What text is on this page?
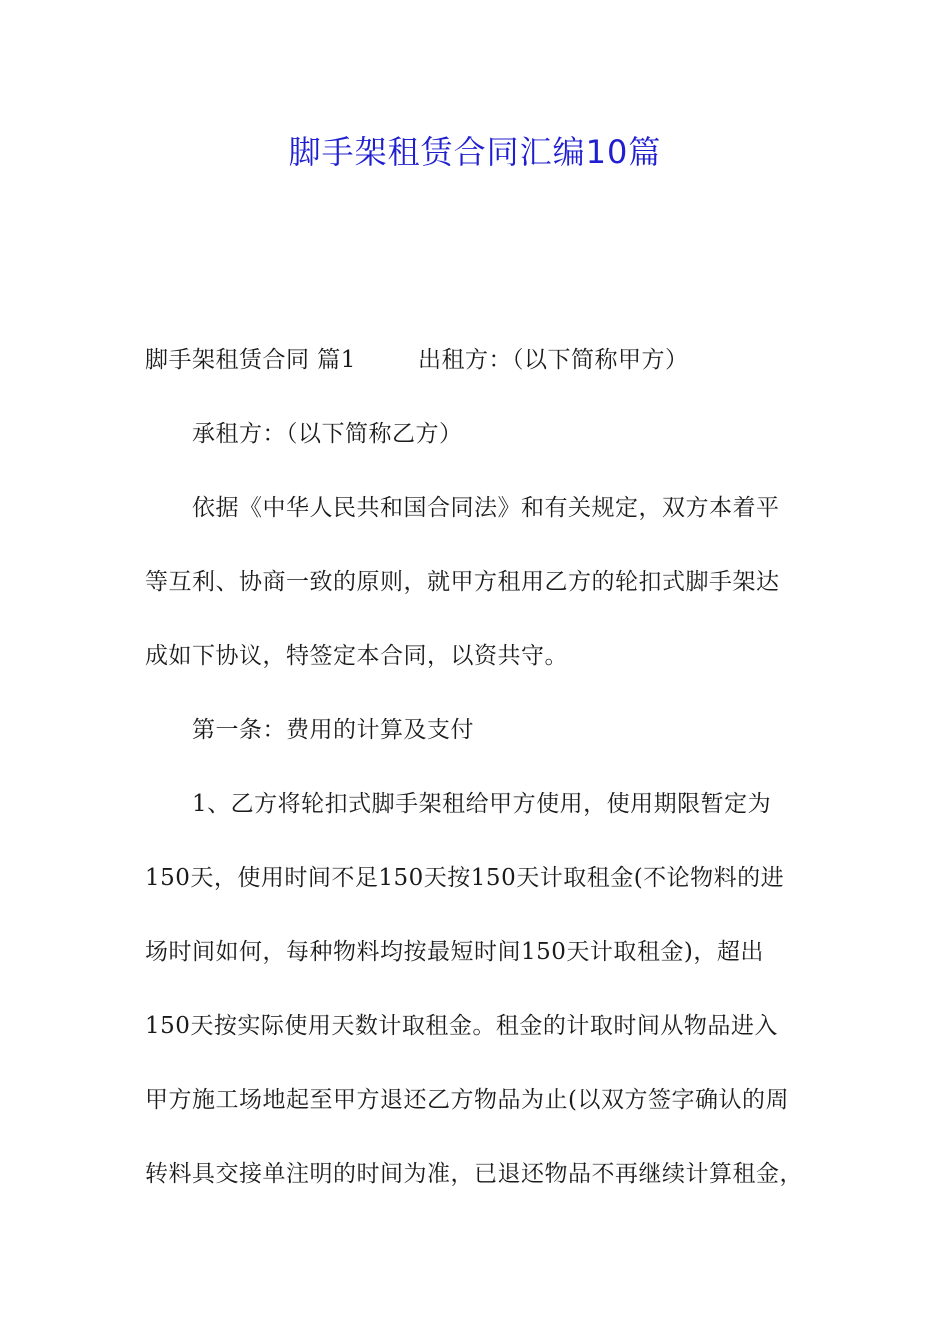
脚手架租赁合同汇编10篇
脚手架租赁合同 篇1	出租方：（以下简称甲方）
承租方：（以下简称乙方）
依据《中华人民共和国合同法》和有关规定，双方本着平
等互利、协商一致的原则，就甲方租用乙方的轮扣式脚手架达
成如下协议，特签定本合同，以资共守。
第一条：费用的计算及支付
1、乙方将轮扣式脚手架租给甲方使用，使用期限暂定为
150天，使用时间不足150天按150天计取租金(不论物料的进
场时间如何，每种物料均按最短时间150天计取租金)，超出
150天按实际使用天数计取租金。租金的计取时间从物品进入
甲方施工场地起至甲方退还乙方物品为止(以双方签字确认的周
转料具交接单注明的时间为准，已退还物品不再继续计算租金，
